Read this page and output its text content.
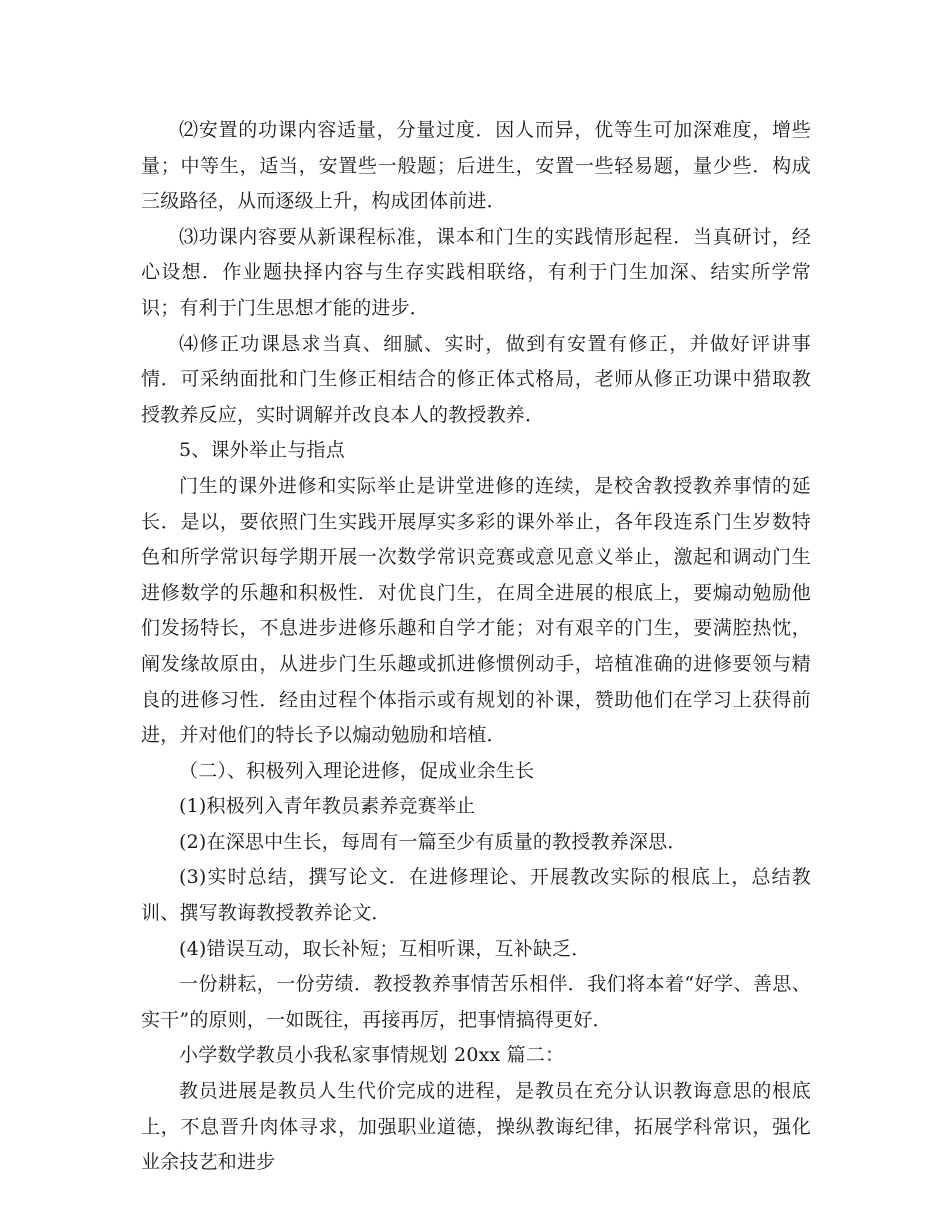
⑵安置的功课内容适量，分量过度．因人而异，优等生可加深难度，增些量；中等生，适当，安置些一般题；后进生，安置一些轻易题，量少些．构成三级路径，从而逐级上升，构成团体前进．

⑶功课内容要从新课程标准，课本和门生的实践情形起程．当真研讨，经心设想．作业题抉择内容与生存实践相联络，有利于门生加深、结实所学常识；有利于门生思想才能的进步．

⑷修正功课恳求当真、细腻、实时，做到有安置有修正，并做好评讲事情．可采纳面批和门生修正相结合的修正体式格局，老师从修正功课中猎取教授教养反应，实时调解并改良本人的教授教养．

5、课外举止与指点

门生的课外进修和实际举止是讲堂进修的连续，是校舍教授教养事情的延长．是以，要依照门生实践开展厚实多彩的课外举止，各年段连系门生岁数特色和所学常识每学期开展一次数学常识竞赛或意见意义举止，激起和调动门生进修数学的乐趣和积极性．对优良门生，在周全进展的根底上，要煽动勉励他们发扬特长，不息进步进修乐趣和自学才能；对有艰辛的门生，要满腔热忱，阐发缘故原由，从进步门生乐趣或抓进修惯例动手，培植准确的进修要领与精良的进修习性．经由过程个体指示或有规划的补课，赞助他们在学习上获得前进，并对他们的特长予以煽动勉励和培植．

（二）、积极列入理论进修，促成业余生长

(1)积极列入青年教员素养竞赛举止

(2)在深思中生长，每周有一篇至少有质量的教授教养深思．

(3)实时总结，撰写论文．在进修理论、开展教改实际的根底上，总结教训、撰写教诲教授教养论文．

(4)错误互动，取长补短；互相听课，互补缺乏．

一份耕耘，一份劳绩．教授教养事情苦乐相伴．我们将本着“好学、善思、实干”的原则，一如既往，再接再厉，把事情搞得更好．

小学数学教员小我私家事情规划 20xx 篇二：

教员进展是教员人生代价完成的进程，是教员在充分认识教诲意思的根底上，不息晋升肉体寻求，加强职业道德，操纵教诲纪律，拓展学科常识，强化业余技艺和进步
